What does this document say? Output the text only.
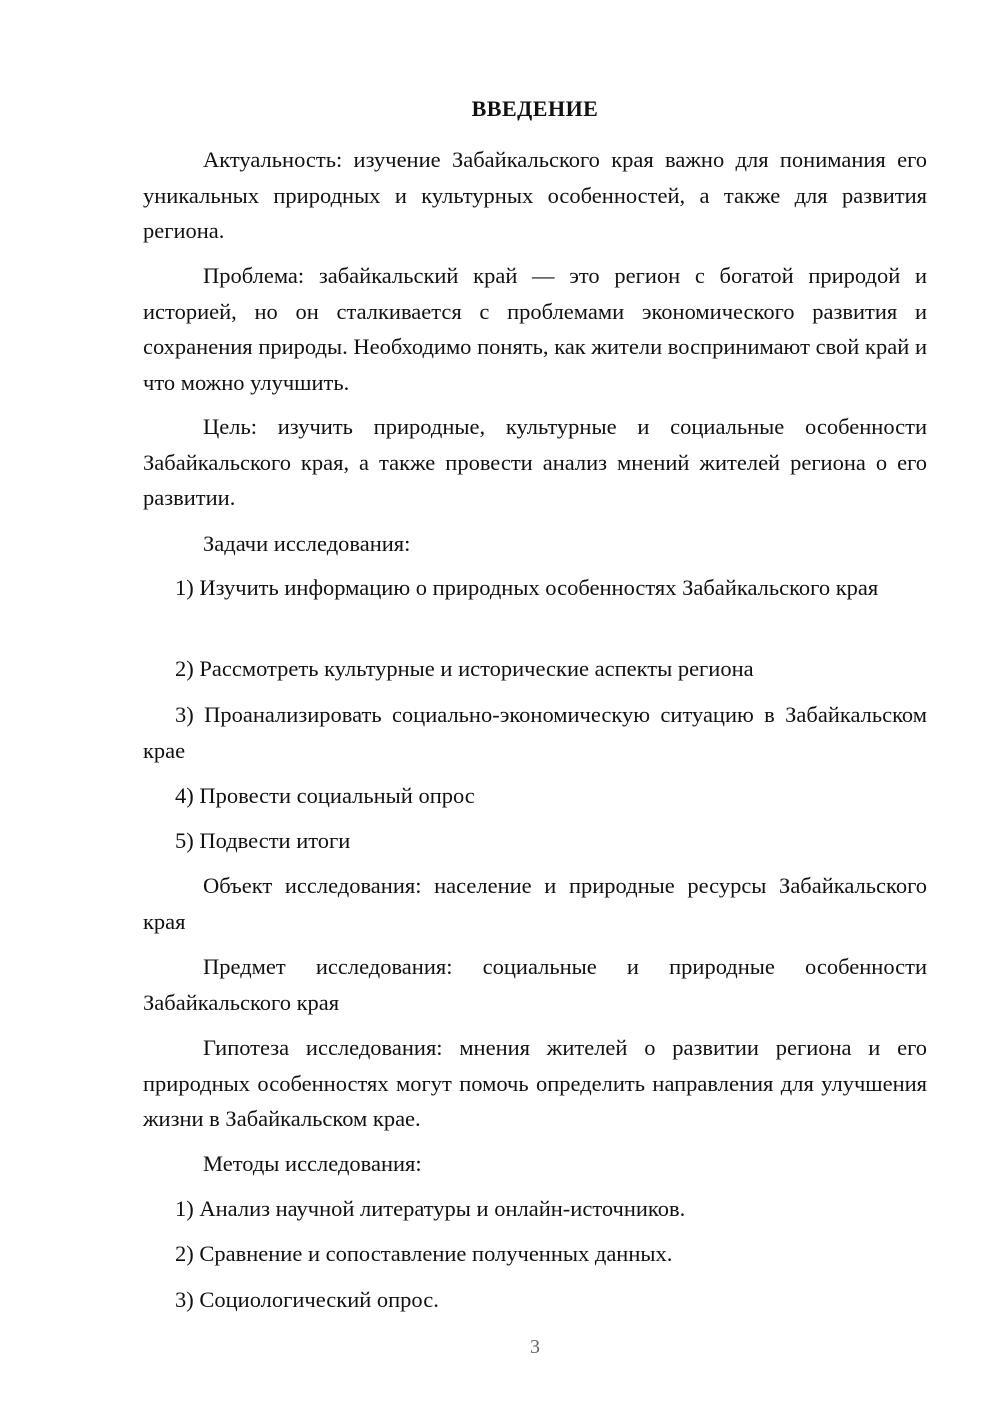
ВВЕДЕНИЕ
Актуальность: изучение Забайкальского края важно для понимания его уникальных природных и культурных особенностей, а также для развития региона.
Проблема: забайкальский край — это регион с богатой природой и историей, но он сталкивается с проблемами экономического развития и сохранения природы. Необходимо понять, как жители воспринимают свой край и что можно улучшить.
Цель: изучить природные, культурные и социальные особенности Забайкальского края, а также провести анализ мнений жителей региона о его развитии.
Задачи исследования:
1) Изучить информацию о природных особенностях Забайкальского края
2) Рассмотреть культурные и исторические аспекты региона
3) Проанализировать социально-экономическую ситуацию в Забайкальском крае
4) Провести социальный опрос
5) Подвести итоги
Объект исследования: население и природные ресурсы Забайкальского края
Предмет исследования: социальные и природные особенности Забайкальского края
Гипотеза исследования: мнения жителей о развитии региона и его природных особенностях могут помочь определить направления для улучшения жизни в Забайкальском крае.
Методы исследования:
1) Анализ научной литературы и онлайн-источников.
2) Сравнение и сопоставление полученных данных.
3) Социологический опрос.
3
